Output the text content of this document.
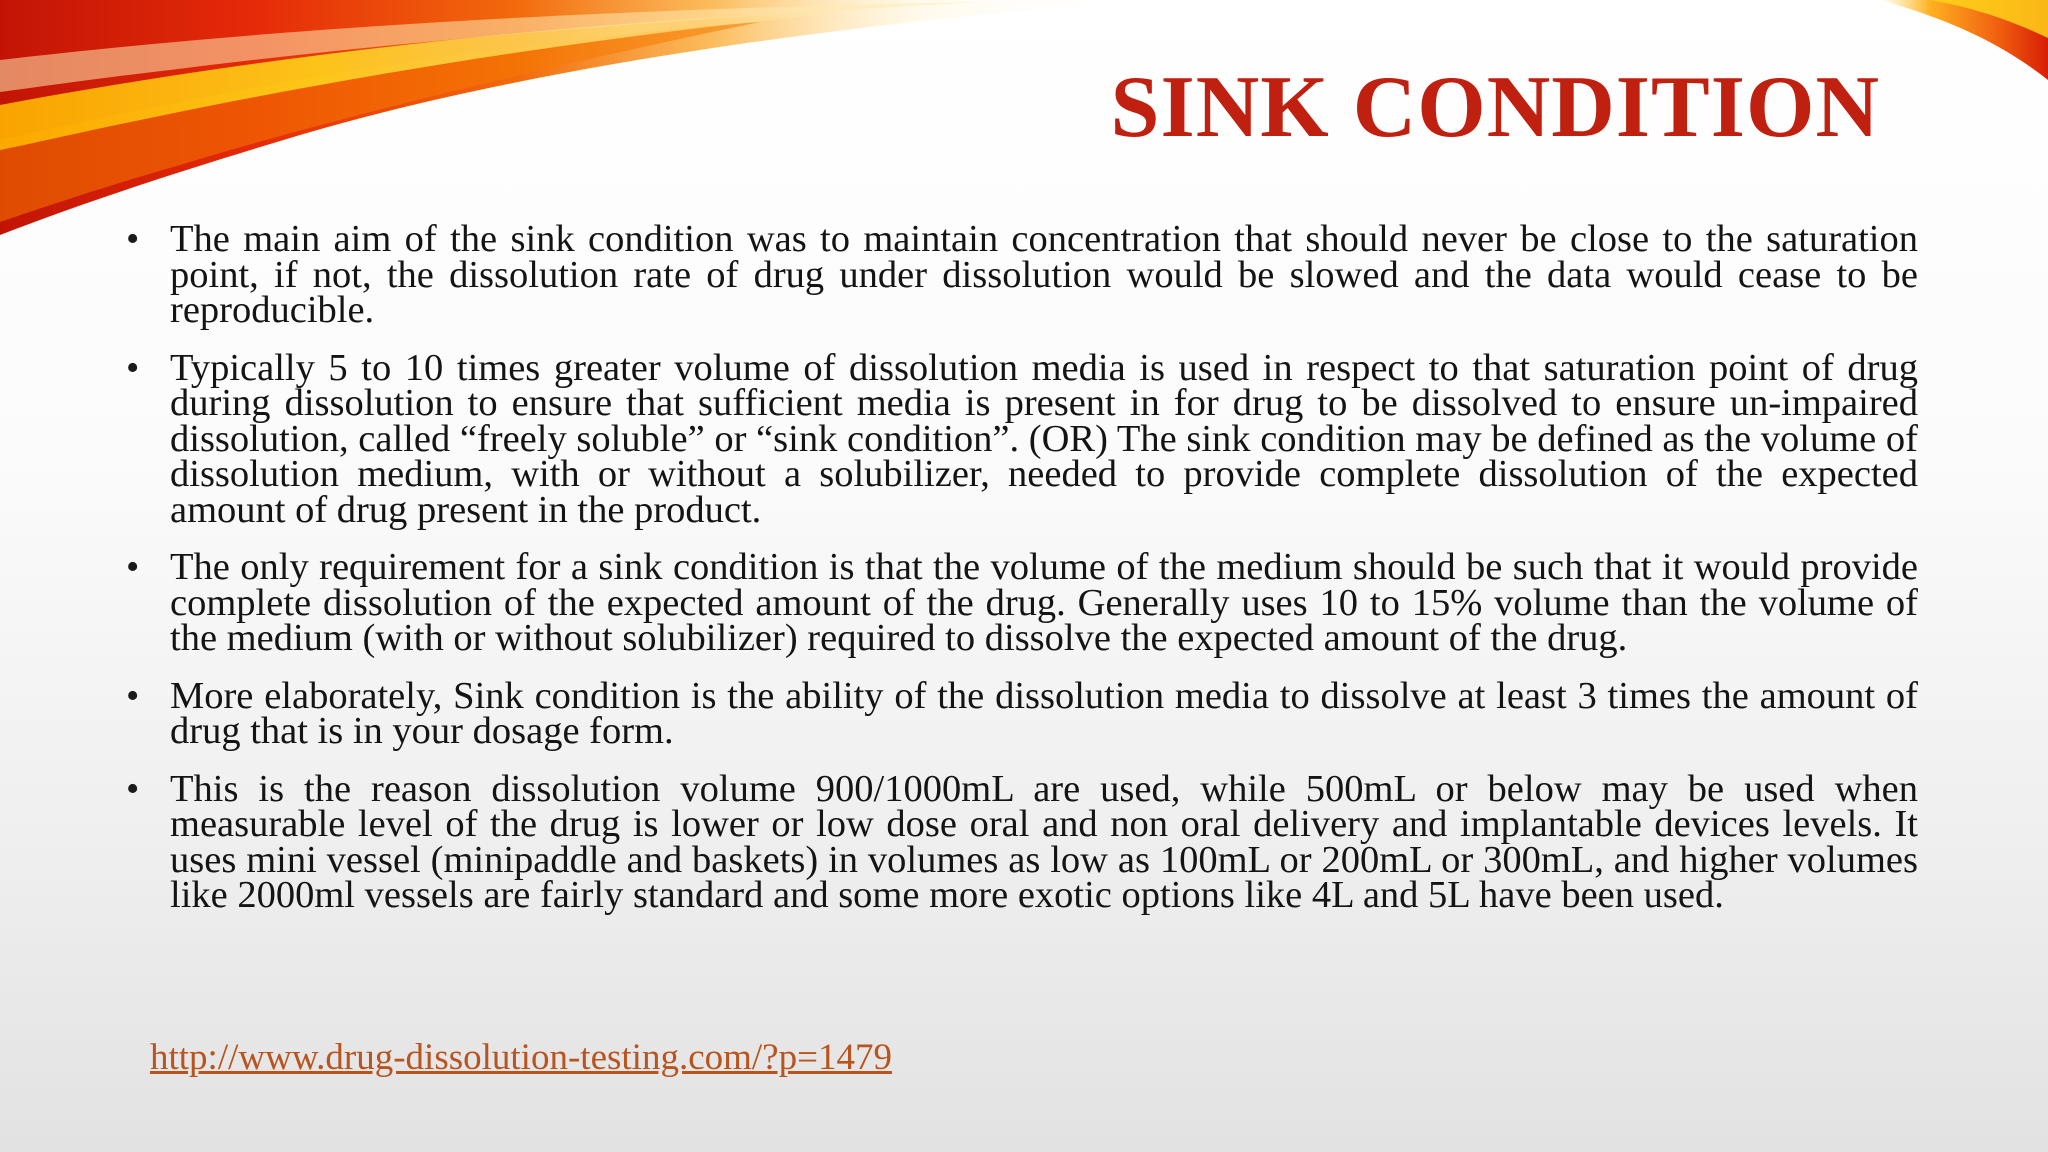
SINK CONDITION
• The main aim of the sink condition was to maintain concentration that should never be close to the saturation point, if not, the dissolution rate of drug under dissolution would be slowed and the data would cease to be reproducible.
• Typically 5 to 10 times greater volume of dissolution media is used in respect to that saturation point of drug during dissolution to ensure that sufficient media is present in for drug to be dissolved to ensure un-impaired dissolution, called “freely soluble” or “sink condition”. (OR) The sink condition may be defined as the volume of dissolution medium, with or without a solubilizer, needed to provide complete dissolution of the expected amount of drug present in the product.
• The only requirement for a sink condition is that the volume of the medium should be such that it would provide complete dissolution of the expected amount of the drug. Generally uses 10 to 15% volume than the volume of the medium (with or without solubilizer) required to dissolve the expected amount of the drug.
• More elaborately, Sink condition is the ability of the dissolution media to dissolve at least 3 times the amount of drug that is in your dosage form.
• This is the reason dissolution volume 900/1000mL are used, while 500mL or below may be used when measurable level of the drug is lower or low dose oral and non oral delivery and implantable devices levels. It uses mini vessel (minipaddle and baskets) in volumes as low as 100mL or 200mL or 300mL, and higher volumes like 2000ml vessels are fairly standard and some more exotic options like 4L and 5L have been used.
http://www.drug-dissolution-testing.com/?p=1479
